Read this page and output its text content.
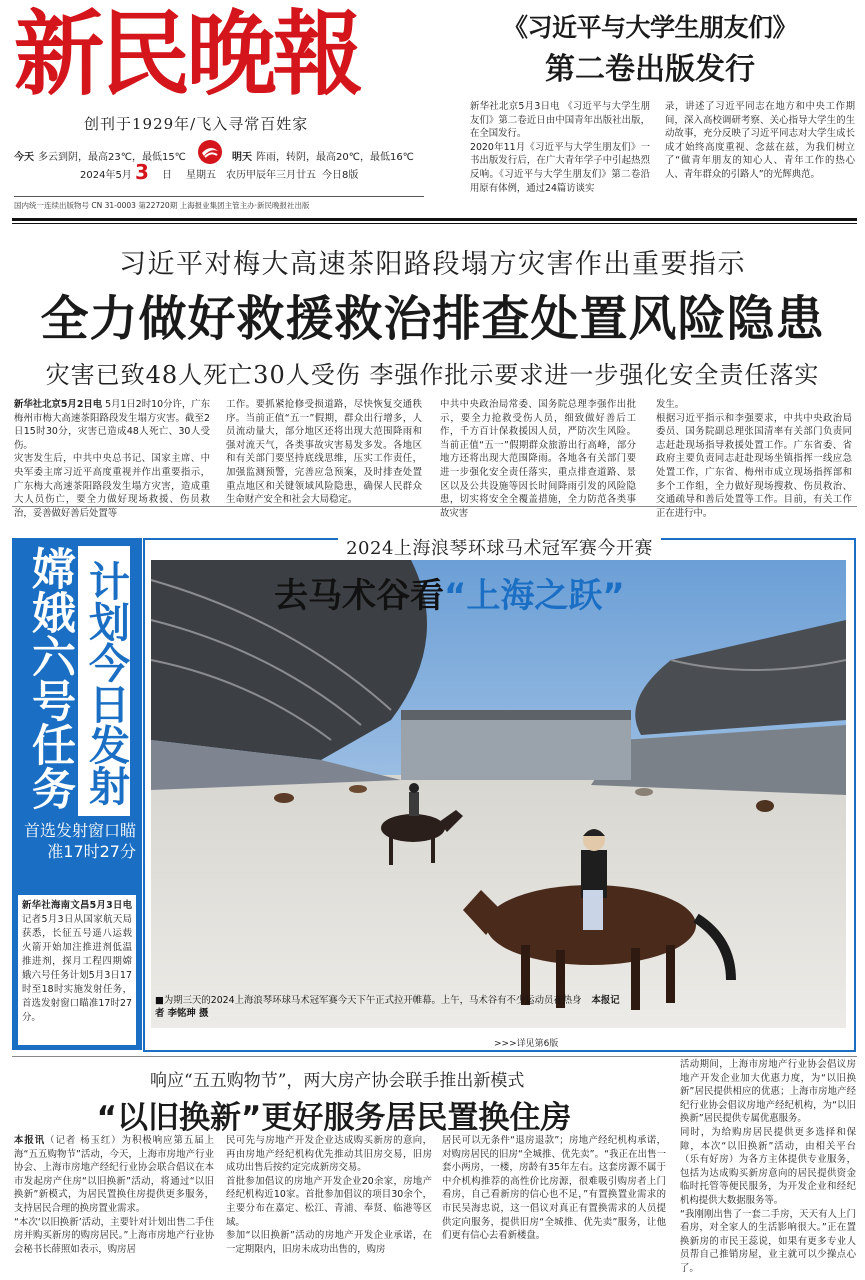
新民晚報
创刊于1929年/飞入寻常百姓家
今天 多云到阴，最高23℃，最低15℃	明天 阵雨，转阴，最高20℃，最低16℃
2024年5月 3 日 星期五 农历甲辰年三月廿五 今日8版
国内统一连续出版物号 CN 31-0003 第22720期 上海报业集团主管主办·新民晚报社出版
《习近平与大学生朋友们》
第二卷出版发行
新华社北京5月3日电 《习近平与大学生朋友们》第二卷近日由中国青年出版社出版，在全国发行。
2020年11月《习近平与大学生朋友们》一书出版发行后，在广大青年学子中引起热烈反响。《习近平与大学生朋友们》第二卷沿用原有体例，通过24篇访谈实
录，讲述了习近平同志在地方和中央工作期间，深入高校调研考察、关心指导大学生的生动故事，充分反映了习近平同志对大学生成长成才始终高度重视、念兹在兹，为我们树立了“做青年朋友的知心人、青年工作的热心人、青年群众的引路人”的光辉典范。
习近平对梅大高速茶阳路段塌方灾害作出重要指示
全力做好救援救治排查处置风险隐患
灾害已致48人死亡30人受伤 李强作批示要求进一步强化安全责任落实
新华社北京5月2日电 5月1日2时10分许，广东梅州市梅大高速茶阳路段发生塌方灾害。截至2日15时30分，灾害已造成48人死亡、30人受伤。
灾害发生后，中共中央总书记、国家主席、中央军委主席习近平高度重视并作出重要指示，广东梅大高速茶阳路段发生塌方灾害，造成重大人员伤亡，要全力做好现场救援、伤员救治，妥善做好善后处置等
工作。要抓紧抢修受损道路，尽快恢复交通秩序。当前正值“五一”假期，群众出行增多，人员流动量大，部分地区还将出现大范围降雨和强对流天气，各类事故灾害易发多发。各地区和有关部门要坚持底线思维，压实工作责任，加强监测预警，完善应急预案，及时排查处置重点地区和关键领域风险隐患，确保人民群众生命财产安全和社会大局稳定。
中共中央政治局常委、国务院总理李强作出批示，要全力抢救受伤人员，细致做好善后工作，千方百计保救援因人员，严防次生风险。当前正值“五一”假期群众旅游出行高峰，部分地方还将出现大范围降雨。各地各有关部门要进一步强化安全责任落实，重点排查道路、景区以及公共设施等因长时间降雨引发的风险隐患，切实将安全全覆盖措施，全力防范各类事故灾害
发生。
根据习近平指示和李强要求，中共中央政治局委员、国务院副总理张国清率有关部门负责同志赶赴现场指导救援处置工作。广东省委、省政府主要负责同志赶赴现场坐镇指挥一线应急处置工作，广东省、梅州市成立现场指挥部和多个工作组，全力做好现场搜救、伤员救治、交通疏导和善后处置等工作。目前，有关工作正在进行中。
嫦娥六号任务 计划今日发射
首选发射窗口瞄准17时27分
新华社海南文昌5月3日电 记者5月3日从国家航天局获悉，长征五号遥八运载火箭开始加注推进剂低温推进剂，探月工程四期嫦娥六号任务计划5月3日17时至18时实施发射任务，首选发射窗口瞄准17时27分。
2024上海浪琴环球马术冠军赛今开赛
去马术谷看“上海之跃”
■为期三天的2024上海浪琴环球马术冠军赛今天下午正式拉开帷幕。上午，马术谷有不少运动员在热身 本报记者 李铭珅 摄
>>>详见第6版
响应“五五购物节”，两大房产协会联手推出新模式
“以旧换新”更好服务居民置换住房
本报讯（记者 杨玉红）为积极响应第五届上海“五五购物节”活动，今天，上海市房地产行业协会、上海市房地产经纪行业协会联合倡议在本市发起房产住房“以旧换新”活动，将通过“以旧换新”新模式，为居民置换住房提供更多服务，支持居民合理的换房置业需求。
“本次‘以旧换新’活动，主要针对计划出售二手住房并购买新房的购房居民。”上海市房地产行业协会秘书长薛照如表示，购房居
民可先与房地产开发企业达成购买新房的意向，再由房地产经纪机构优先推动其旧房交易，旧房成功出售后按约定完成新房交易。
首批参加倡议的房地产开发企业20余家，房地产经纪机构近10家。首批参加倡议的项目30余个，主要分布在嘉定、松江、青浦、奉贤、临港等区域。
参加“以旧换新”活动的房地产开发企业承诺，在一定期限内，旧房未成功出售的，购房
居民可以无条件“退房退款”；房地产经纪机构承诺，对购房居民的旧房“全城推、优先卖”。“我正在出售一套小两房，一楼，房龄有35年左右。这套房源不属于中介机构推荐的高性价比房源，很难吸引购房者上门看房，自己看新房的信心也不足，”有置换置业需求的市民吴海忠说，这一倡议对真正有置换需求的人员提供定向服务，提供旧房“全城推、优先卖”服务，让他们更有信心去看新楼盘。
活动期间，上海市房地产行业协会倡议房地产开发企业加大优惠力度，为“以旧换新”居民提供相应的优惠；上海市房地产经纪行业协会倡议房地产经纪机构，为“以旧换新”居民提供专属优惠服务。
同时，为给购房居民提供更多选择和保障，本次“以旧换新”活动，由相关平台（乐有好房）为各方主体提供专业服务，包括为达成购买新房意向的居民提供资金临时托管等便民服务，为开发企业和经纪机构提供大数据服务等。
“我刚刚出售了一套二手房，天天有人上门看房，对全家人的生活影响很大。”正在置换新房的市民王蕊说，如果有更多专业人员帮自己推销房屋，业主就可以少操点心了。
